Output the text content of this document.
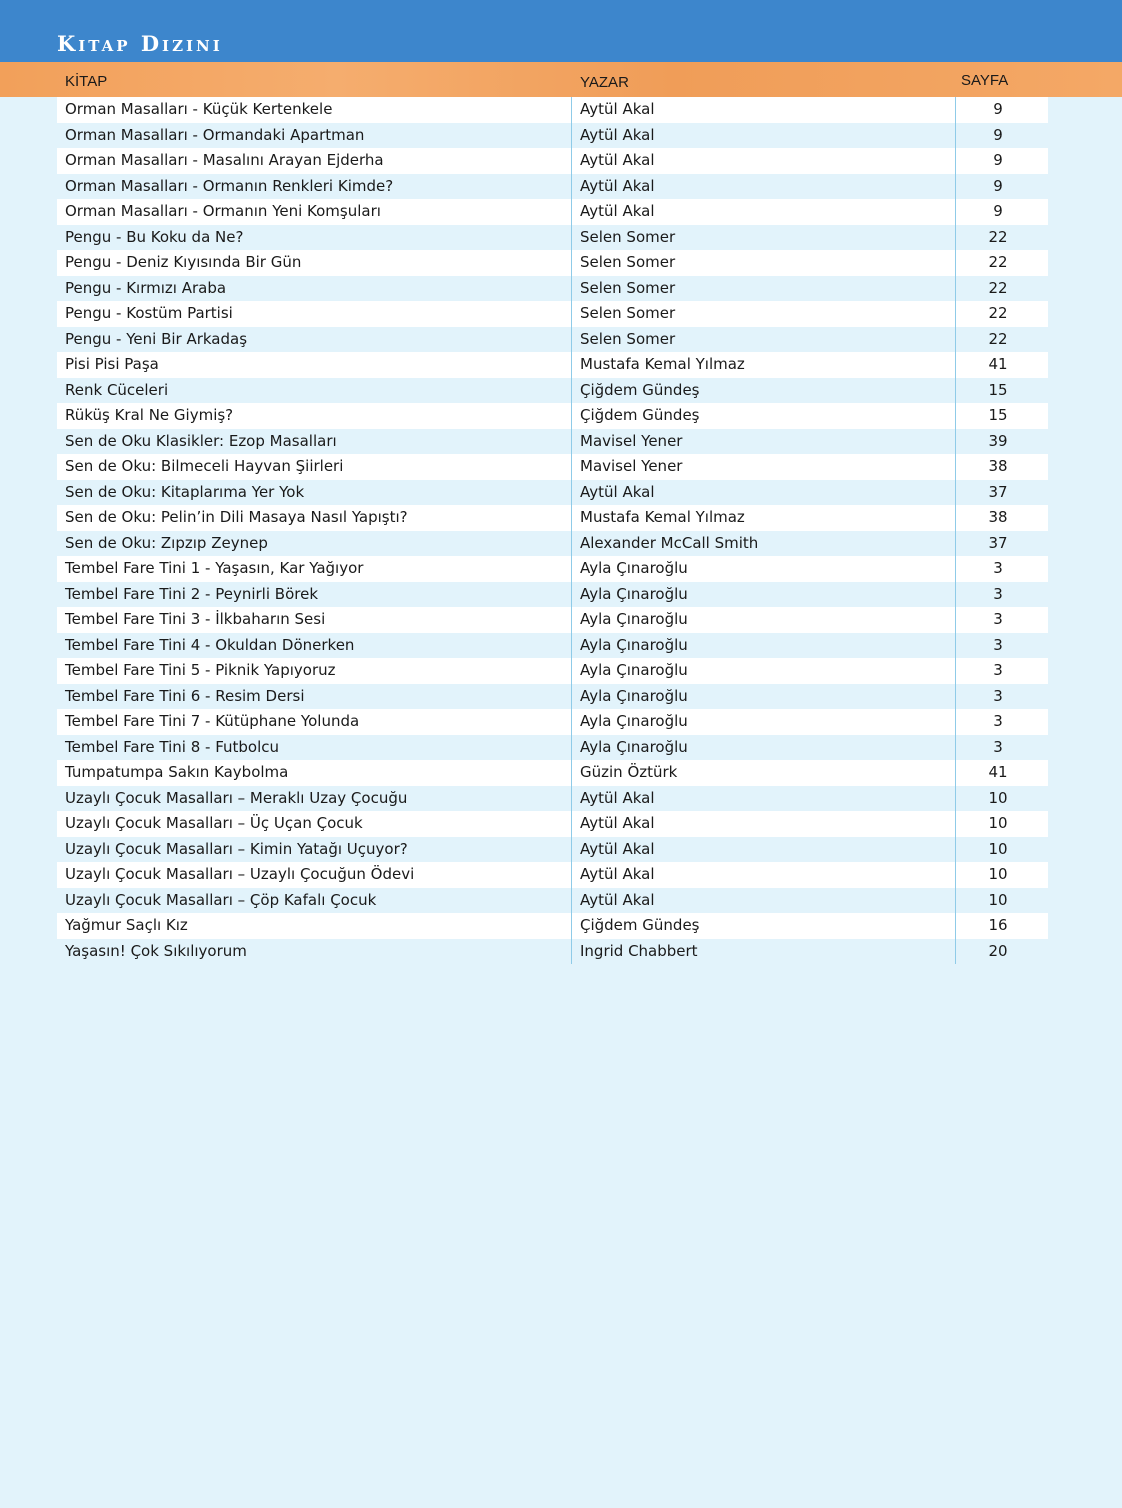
Kitap Dizini
KİTAP	YAZAR	SAYFA
Orman Masalları - Küçük Kertenkele	Aytül Akal	9
Orman Masalları - Ormandaki Apartman	Aytül Akal	9
Orman Masalları - Masalını Arayan Ejderha	Aytül Akal	9
Orman Masalları - Ormanın Renkleri Kimde?	Aytül Akal	9
Orman Masalları - Ormanın Yeni Komşuları	Aytül Akal	9
Pengu - Bu Koku da Ne?	Selen Somer	22
Pengu - Deniz Kıyısında Bir Gün	Selen Somer	22
Pengu - Kırmızı Araba	Selen Somer	22
Pengu - Kostüm Partisi	Selen Somer	22
Pengu - Yeni Bir Arkadaş	Selen Somer	22
Pisi Pisi Paşa	Mustafa Kemal Yılmaz	41
Renk Cüceleri	Çiğdem Gündeş	15
Rüküş Kral Ne Giymiş?	Çiğdem Gündeş	15
Sen de Oku Klasikler: Ezop Masalları	Mavisel Yener	39
Sen de Oku: Bilmeceli Hayvan Şiirleri	Mavisel Yener	38
Sen de Oku: Kitaplarıma Yer Yok	Aytül Akal	37
Sen de Oku: Pelin’in Dili Masaya Nasıl Yapıştı?	Mustafa Kemal Yılmaz	38
Sen de Oku: Zıpzıp Zeynep	Alexander McCall Smith	37
Tembel Fare Tini 1 - Yaşasın, Kar Yağıyor	Ayla Çınaroğlu	3
Tembel Fare Tini 2 - Peynirli Börek	Ayla Çınaroğlu	3
Tembel Fare Tini 3 - İlkbaharın Sesi	Ayla Çınaroğlu	3
Tembel Fare Tini 4 - Okuldan Dönerken	Ayla Çınaroğlu	3
Tembel Fare Tini 5 - Piknik Yapıyoruz	Ayla Çınaroğlu	3
Tembel Fare Tini 6 - Resim Dersi	Ayla Çınaroğlu	3
Tembel Fare Tini 7 - Kütüphane Yolunda	Ayla Çınaroğlu	3
Tembel Fare Tini 8 - Futbolcu	Ayla Çınaroğlu	3
Tumpatumpa Sakın Kaybolma	Güzin Öztürk	41
Uzaylı Çocuk Masalları – Meraklı Uzay Çocuğu	Aytül Akal	10
Uzaylı Çocuk Masalları – Üç Uçan Çocuk	Aytül Akal	10
Uzaylı Çocuk Masalları – Kimin Yatağı Uçuyor?	Aytül Akal	10
Uzaylı Çocuk Masalları – Uzaylı Çocuğun Ödevi	Aytül Akal	10
Uzaylı Çocuk Masalları – Çöp Kafalı Çocuk	Aytül Akal	10
Yağmur Saçlı Kız	Çiğdem Gündeş	16
Yaşasın! Çok Sıkılıyorum	Ingrid Chabbert	20
